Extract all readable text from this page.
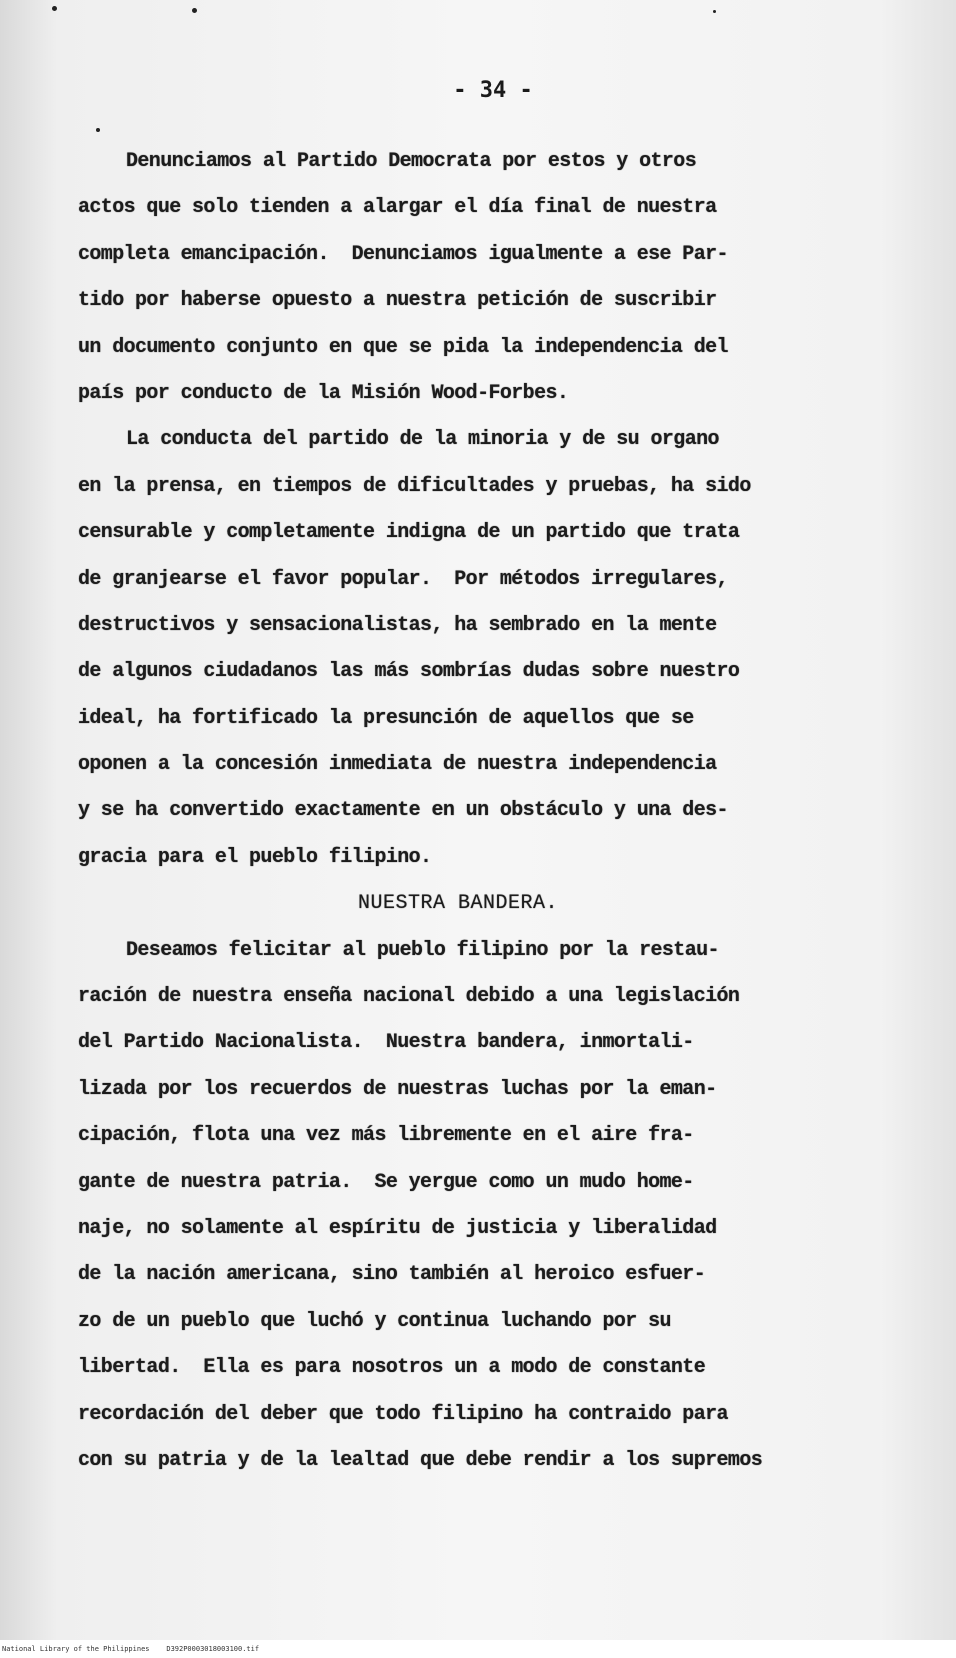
- 34 -
Denunciamos al Partido Democrata por estos y otros
actos que solo tienden a alargar el día final de nuestra
completa emancipación.  Denunciamos igualmente a ese Par-
tido por haberse opuesto a nuestra petición de suscribir
un documento conjunto en que se pida la independencia del
país por conducto de la Misión Wood-Forbes.
La conducta del partido de la minoria y de su organo
en la prensa, en tiempos de dificultades y pruebas, ha sido
censurable y completamente indigna de un partido que trata
de granjearse el favor popular.  Por métodos irregulares,
destructivos y sensacionalistas, ha sembrado en la mente
de algunos ciudadanos las más sombrías dudas sobre nuestro
ideal, ha fortificado la presunción de aquellos que se
oponen a la concesión inmediata de nuestra independencia
y se ha convertido exactamente en un obstáculo y una des-
gracia para el pueblo filipino.
NUESTRA BANDERA.
Deseamos felicitar al pueblo filipino por la restau-
ración de nuestra enseña nacional debido a una legislación
del Partido Nacionalista.  Nuestra bandera, inmortali-
lizada por los recuerdos de nuestras luchas por la eman-
cipación, flota una vez más libremente en el aire fra-
gante de nuestra patria.  Se yergue como un mudo home-
naje, no solamente al espíritu de justicia y liberalidad
de la nación americana, sino también al heroico esfuer-
zo de un pueblo que luchó y continua luchando por su
libertad.  Ella es para nosotros un a modo de constante
recordación del deber que todo filipino ha contraido para
con su patria y de la lealtad que debe rendir a los supremos
National Library of the Philippines    D392P0003018003100.tif
